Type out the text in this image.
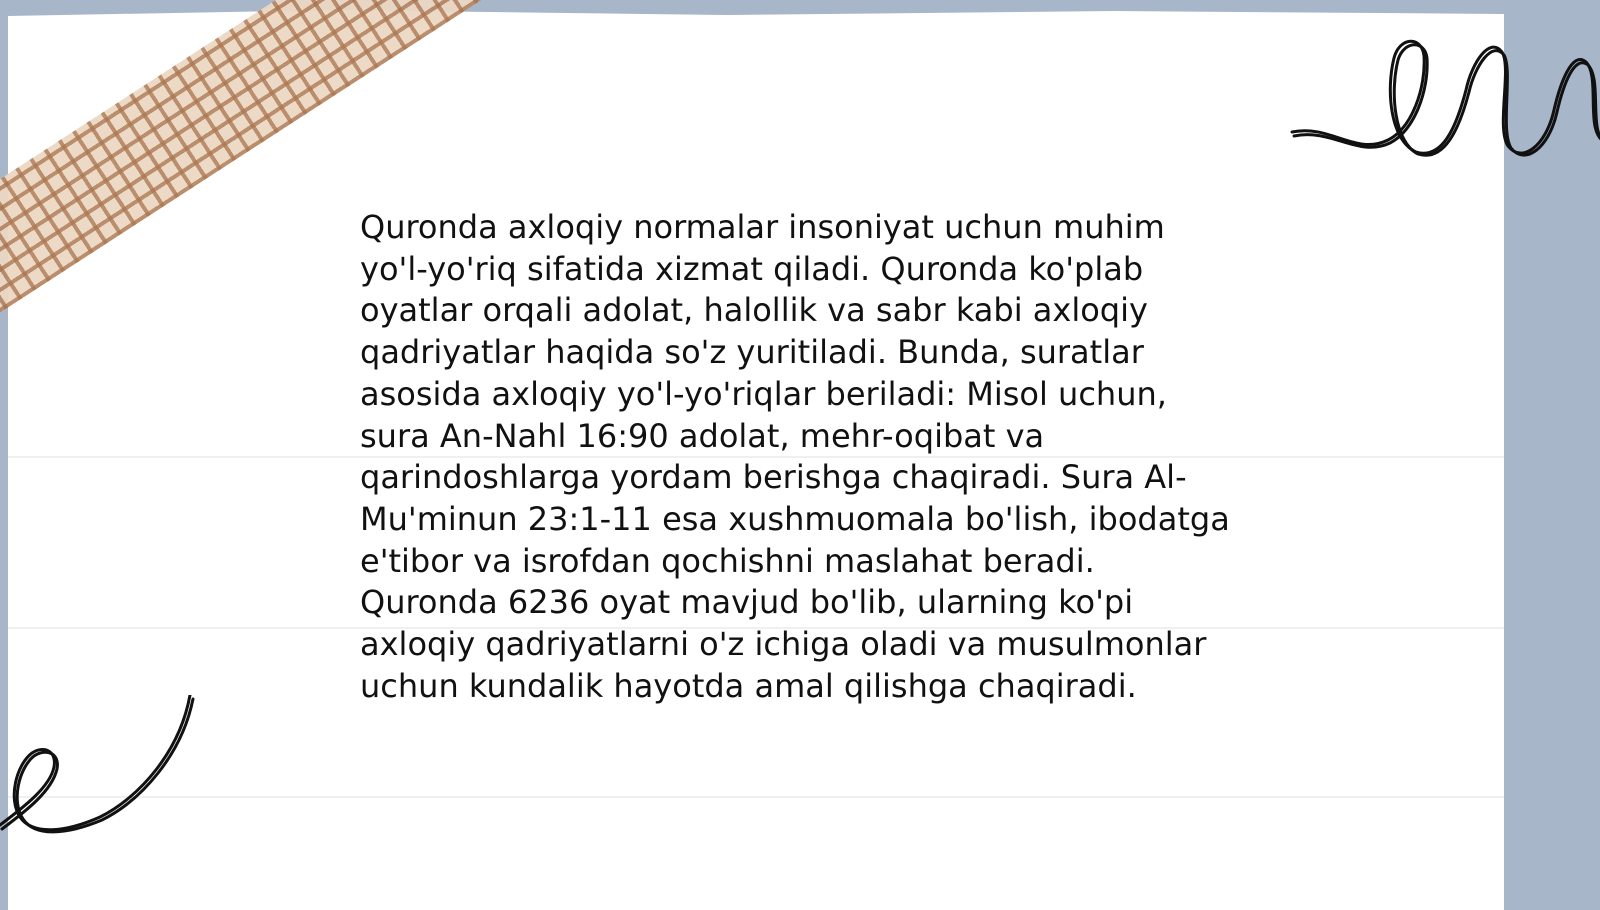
Quronda axloqiy normalar insoniyat uchun muhim
yo'l-yo'riq sifatida xizmat qiladi. Quronda ko'plab
oyatlar orqali adolat, halollik va sabr kabi axloqiy
qadriyatlar haqida so'z yuritiladi. Bunda, suratlar
asosida axloqiy yo'l-yo'riqlar beriladi: Misol uchun,
sura An-Nahl 16:90 adolat, mehr-oqibat va
qarindoshlarga yordam berishga chaqiradi. Sura Al-
Mu'minun 23:1-11 esa xushmuomala bo'lish, ibodatga
e'tibor va isrofdan qochishni maslahat beradi.
Quronda 6236 oyat mavjud bo'lib, ularning ko'pi
axloqiy qadriyatlarni o'z ichiga oladi va musulmonlar
uchun kundalik hayotda amal qilishga chaqiradi.
